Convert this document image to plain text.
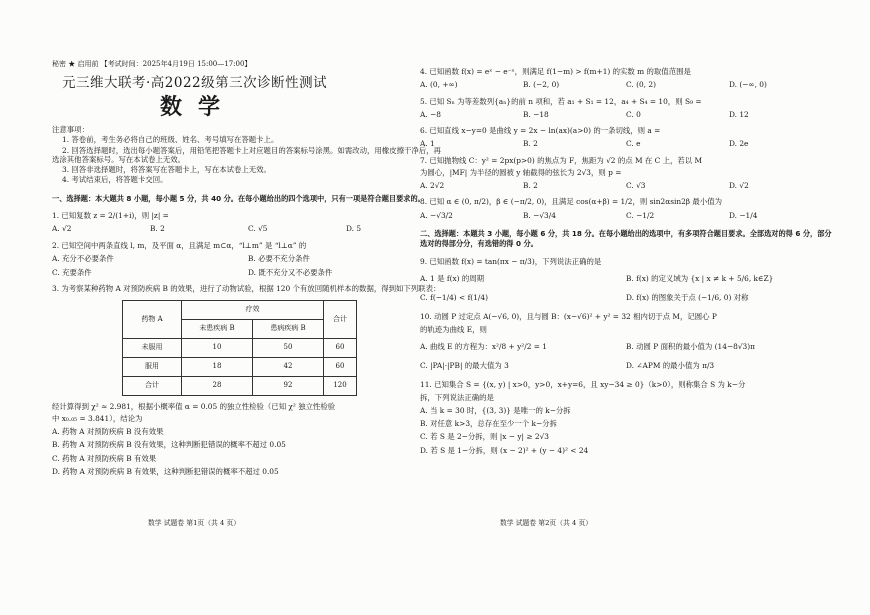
秘密 ★ 启用前 【考试时间：2025年4月19日 15:00—17:00】
元三维大联考·高2022级第三次诊断性测试
数学
注意事项：
1. 答卷前，考生务必将自己的班级、姓名、考号填写在答题卡上。
2. 回答选择题时，选出每小题答案后，用铅笔把答题卡上对应题目的答案标号涂黑。如需改动，用橡皮擦干净后，再选涂其他答案标号。写在本试卷上无效。
3. 回答非选择题时，将答案写在答题卡上，写在本试卷上无效。
4. 考试结束后，将答题卡交回。
一、选择题：本大题共 8 小题，每小题 5 分，共 40 分。在每小题给出的四个选项中，只有一项是符合题目要求的。
1. 已知复数 z = 2/(1+i)，则 |z| =
A. √2	B. 2	C. √5	D. 5
2. 已知空间中两条直线 l, m，及平面 α，且满足 m⊂α，“l⊥m” 是 “l⊥α” 的
A. 充分不必要条件	B. 必要不充分条件
C. 充要条件	D. 既不充分又不必要条件
3. 为考察某种药物 A 对预防疾病 B 的效果，进行了动物试验，根据 120 个有放回随机样本的数据，得到如下列联表：
药物 A	疗效		合计
	未患疾病 B	患病疾病 B	
未服用	10	50	60
服用	18	42	60
合计	28	92	120
经计算得到 χ² ≈ 2.981，根据小概率值 α = 0.05 的独立性检验（已知 χ² 独立性检验
中 x₀.₀₅ = 3.841），结论为
A. 药物 A 对预防疾病 B 没有效果
B. 药物 A 对预防疾病 B 没有效果，这种判断犯错误的概率不超过 0.05
C. 药物 A 对预防疾病 B 有效果
D. 药物 A 对预防疾病 B 有效果，这种判断犯错误的概率不超过 0.05
4. 已知函数 f(x) = eˣ − e⁻ˣ，则满足 f(1−m) > f(m+1) 的实数 m 的取值范围是
A. (0, +∞)	B. (−2, 0)	C. (0, 2)	D. (−∞, 0)
5. 已知 Sₙ 为等差数列{aₙ}的前 n 项和，若 a₁ + S₁ = 12，a₄ + S₄ = 10，则 S₉ =
A. −8	B. −18	C. 0	D. 12
6. 已知直线 x−y=0 是曲线 y = 2x − ln(ax)(a>0) 的一条切线，则 a =
A. 1	B. 2	C. e	D. 2e
7. 已知抛物线 C：y² = 2px(p>0) 的焦点为 F，焦距为 √2 的点 M 在 C 上，若以 M
为圆心，|MF| 为半径的圆被 y 轴截得的弦长为 2√3，则 p =
A. 2√2	B. 2	C. √3	D. √2
8. 已知 α ∈ (0, π/2)，β ∈ (−π/2, 0)，且满足 cos(α+β) = 1/2，则 sin2αsin2β 最小值为
A. −√3/2	B. −√3/4	C. −1/2	D. −1/4
二、选择题：本题共 3 小题，每小题 6 分，共 18 分。在每小题给出的选项中，有多项符合题目要求。全部选对的得 6 分，部分选对的得部分分，有选错的得 0 分。
9. 已知函数 f(x) = tan(πx − π/3)，下列说法正确的是
A. 1 是 f(x) 的周期	B. f(x) 的定义域为 {x | x ≠ k + 5/6, k∈Z}
C. f(−1/4) < f(1/4)	D. f(x) 的图象关于点 (−1/6, 0) 对称
10. 动圆 P 过定点 A(−√6, 0)，且与圆 B：(x−√6)² + y² = 32 相内切于点 M，记圆心 P
的轨迹为曲线 E，则
A. 曲线 E 的方程为：x²/8 + y²/2 = 1	B. 动圆 P 面积的最小值为 (14−8√3)π
C. |PA|·|PB| 的最大值为 3	D. ∠APM 的最小值为 π/3
11. 已知集合 S = {(x, y) | x>0，y>0，x+y=6，且 xy−34 ≥ 0}（k>0），则称集合 S 为 k−分
拆，下列说法正确的是
A. 当 k = 30 时，{(3, 3)} 是唯一的 k−分拆
B. 对任意 k>3，总存在至少一个 k−分拆
C. 若 S 是 2−分拆，则 |x − y| ≥ 2√3
D. 若 S 是 1−分拆，则 (x − 2)² + (y − 4)² < 24
数学 试题卷 第1页（共 4 页）	数学 试题卷 第2页（共 4 页）
